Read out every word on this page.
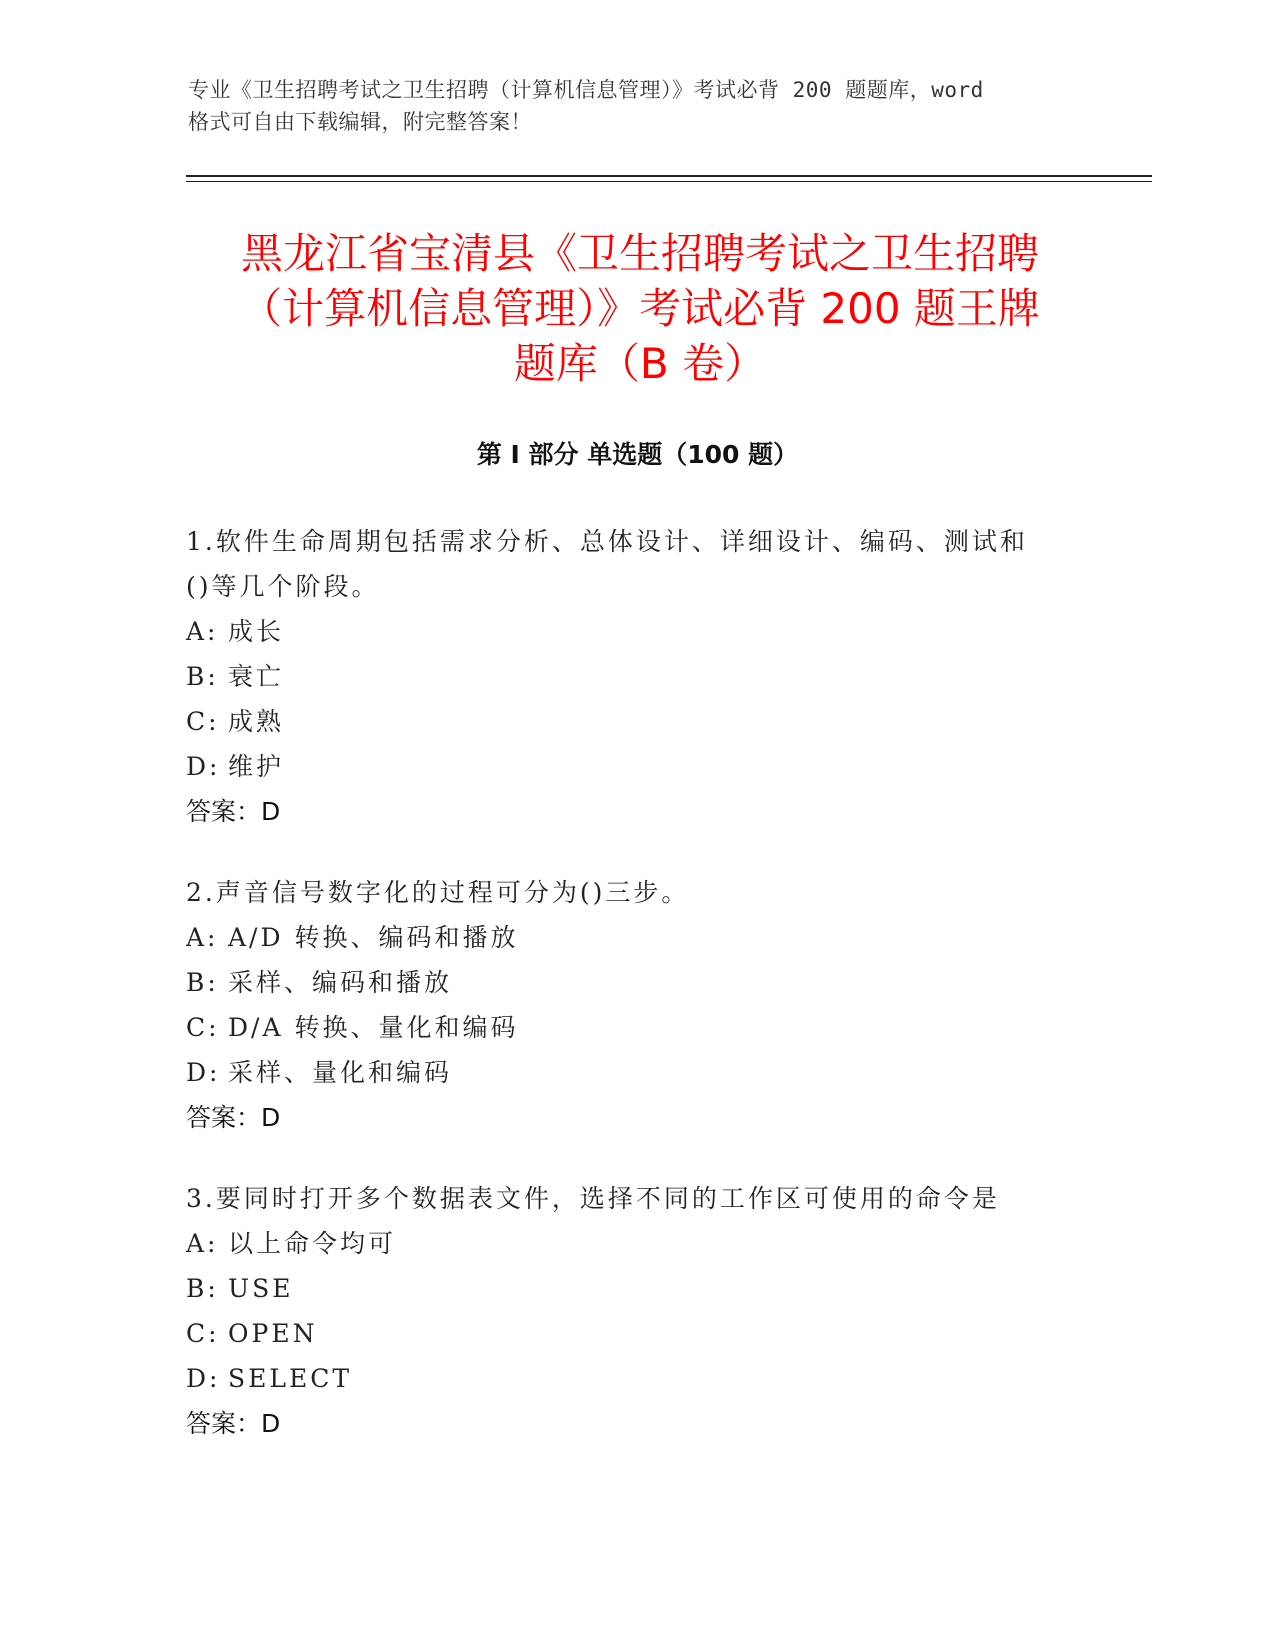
专业《卫生招聘考试之卫生招聘（计算机信息管理）》考试必背 200 题题库，word
格式可自由下载编辑，附完整答案！
黑龙江省宝清县《卫生招聘考试之卫生招聘
（计算机信息管理）》考试必背 200 题王牌
题库（B 卷）
第 I 部分 单选题（100 题）

1.软件生命周期包括需求分析、总体设计、详细设计、编码、测试和

()等几个阶段。

A: 成长

B: 衰亡

C: 成熟

D: 维护

答案：D

2.声音信号数字化的过程可分为()三步。

A: A/D 转换、编码和播放

B: 采样、编码和播放

C: D/A 转换、量化和编码

D: 采样、量化和编码

答案：D

3.要同时打开多个数据表文件，选择不同的工作区可使用的命令是

A: 以上命令均可

B: USE

C: OPEN

D: SELECT

答案：D
